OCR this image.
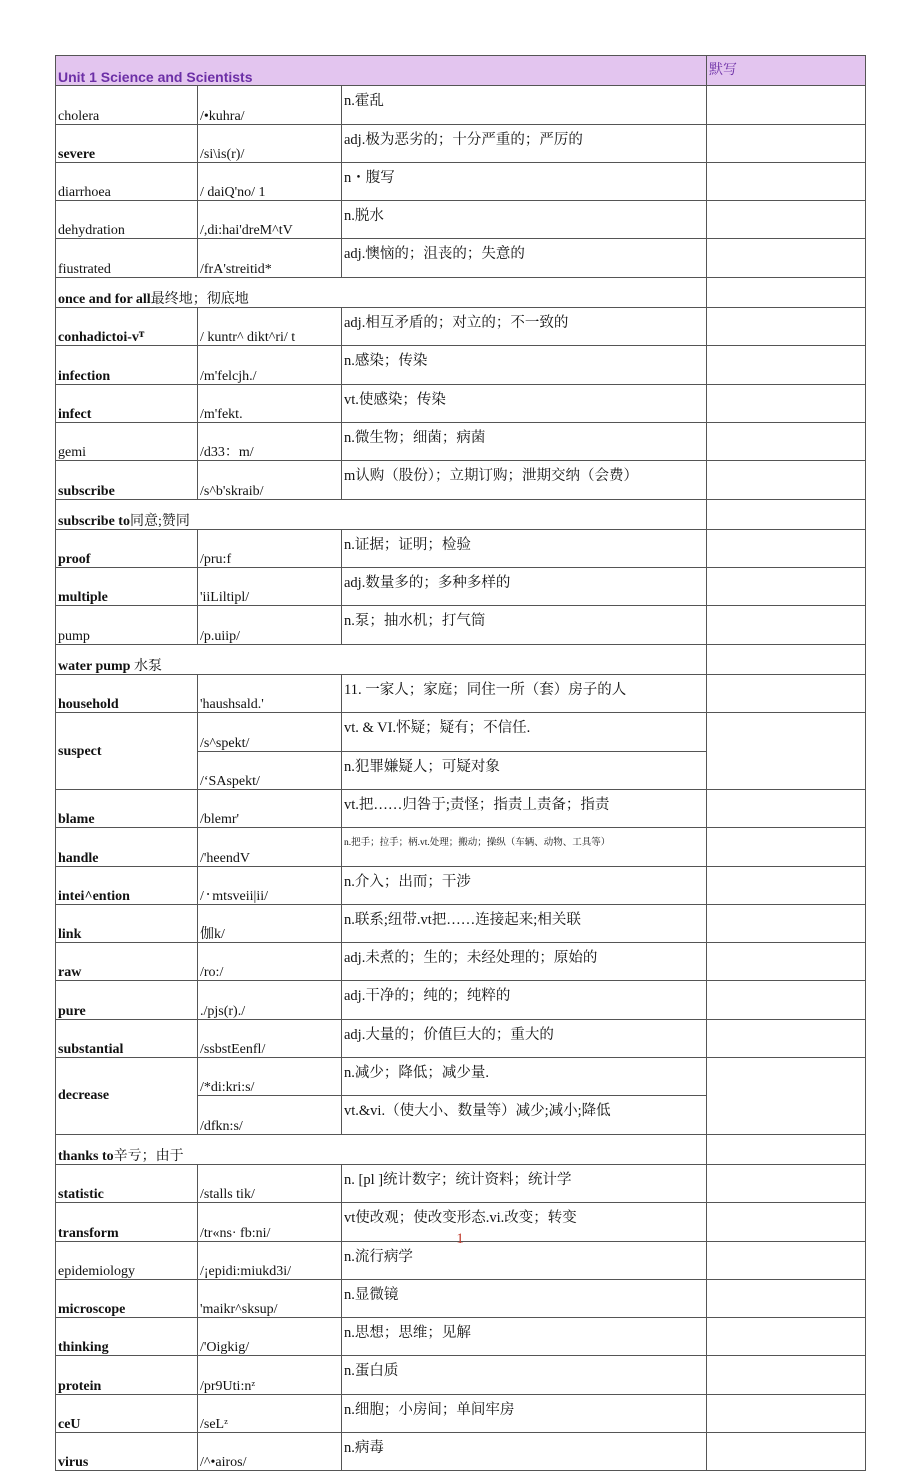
Unit 1 Science and Scientists			默写
cholera	/•kuhra/	n.霍乱	
severe	/si\is(r)/	adj.极为恶劣的；十分严重的；严厉的	
diarrhoea	/ daiQ'no/ 1	n・腹写	
dehydration	/,di:hai'dreM^tV	n.脱水	
fiustrated	/frA'streitid*	adj.懊恼的；沮丧的；失意的	
once and for all最终地；彻底地			
conhadictoi-vᵀ	/ kuntr^ dikt^ri/ t	adj.相互矛盾的；对立的；不一致的	
infection	/m'felcjh./	n.感染；传染	
infect	/m'fekt.	vt.使感染；传染	
gemi	/d33：m/	n.微生物；细菌；病菌	
subscribe	/s^b'skraib/	m认购（股份）；立期订购；泄期交纳（会费）	
subscribe to同意;赞同			
proof	/pru:f	n.证据；证明；检验	
multiple	'iiLiltipl/	adj.数量多的；多种多样的	
pump	/p.uiip/	n.泵；抽水机；打气筒	
water pump 水泵			
household	'haushsald.'	11. 一家人；家庭；同住一所（套）房子的人	
suspect	/s^spekt/	vt. & VI.怀疑；疑有；不信任.	
	/‘SAspekt/	n.犯罪嫌疑人；可疑对象	
blame	/blemr'	vt.把……归咎于;责怪；指责丄责备；指责	
handle	/'heendV	n.把手；拉手；柄.vt.处理；搬动；操纵（车辆、动物、工具等）	
intei^ention	/᛫mtsveii|ii/	n.介入；出而；干涉	
link	伽k/	n.联系;纽带.vt把……连接起来;相关联	
raw	/ro:/	adj.未煮的；生的；未经处理的；原始的	
pure	./pjs(r)./	adj.干净的；纯的；纯粹的	
substantial	/ssbstEenfl/	adj.大量的；价值巨大的；重大的	
decrease	/*di:kri:s/	n.减少；降低；减少量.	
	/dfkn:s/	vt.&vi.（使大小、数量等）减少;减小;降低	
thanks to辛亏；由于			
statistic	/stalls tik/	n. [pl ]统计数字；统计资料；统计学	
transform	/tr«ns· fb:ni/	vt使改观；使改变形态.vi.改变；转变	
epidemiology	/¡epidi:miukd3i/	n.流行病学	
microscope	'maikr^sksup/	n.显微镜	
thinking	/'Oigkig/	n.思想；思维；见解	
protein	/pr9Uti:nᶻ	n.蛋白质	
ceU	/seLᶻ	n.细胞；小房间；单间牢房	
virus	/^•airos/	n.病毒	
1
